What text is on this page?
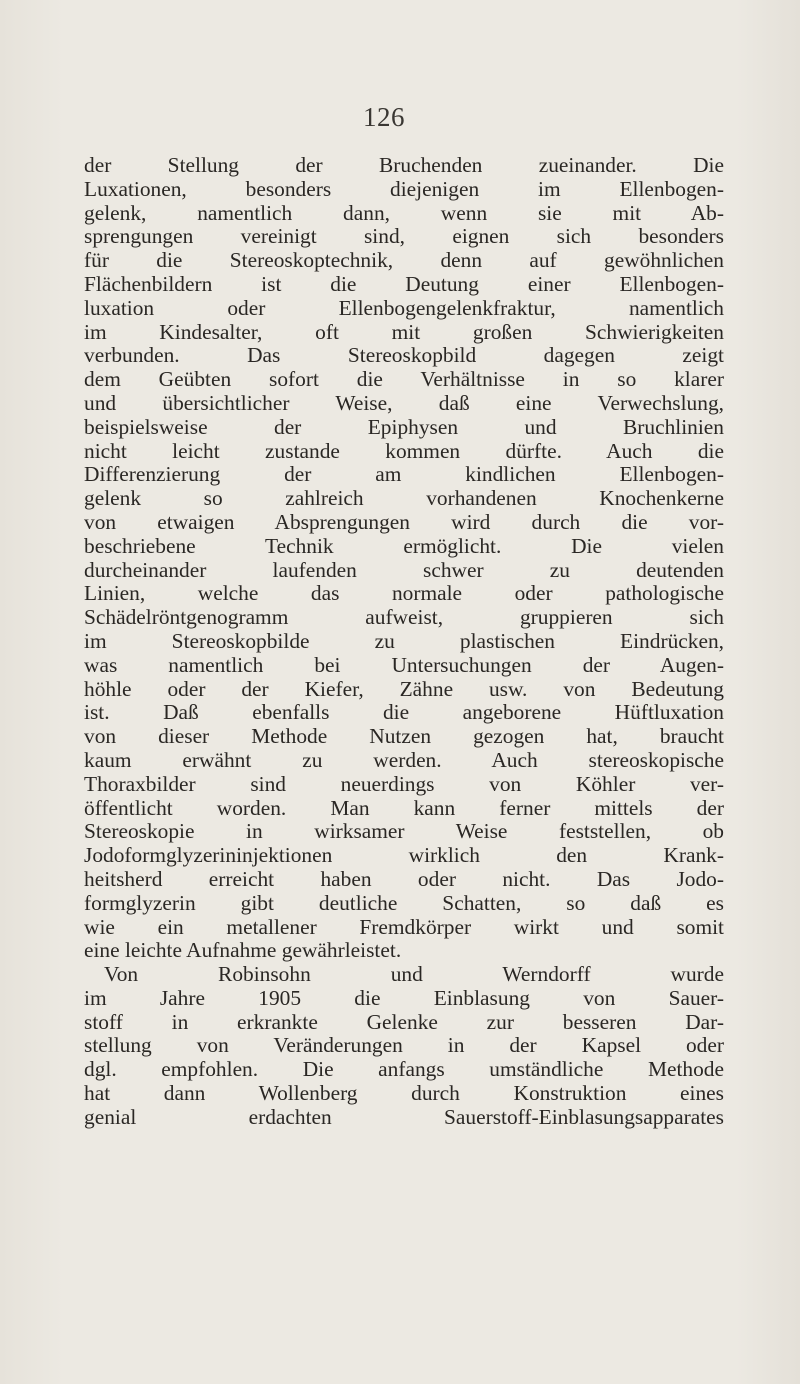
126
der Stellung der Bruchenden zueinander. Die
Luxationen, besonders diejenigen im Ellenbogen-
gelenk, namentlich dann, wenn sie mit Ab-
sprengungen vereinigt sind, eignen sich besonders
für die Stereoskoptechnik, denn auf gewöhnlichen
Flächenbildern ist die Deutung einer Ellenbogen-
luxation oder Ellenbogengelenkfraktur, namentlich
im Kindesalter, oft mit großen Schwierigkeiten
verbunden. Das Stereoskopbild dagegen zeigt
dem Geübten sofort die Verhältnisse in so klarer
und übersichtlicher Weise, daß eine Verwechslung,
beispielsweise der Epiphysen und Bruchlinien
nicht leicht zustande kommen dürfte. Auch die
Differenzierung der am kindlichen Ellenbogen-
gelenk so zahlreich vorhandenen Knochenkerne
von etwaigen Absprengungen wird durch die vor-
beschriebene Technik ermöglicht. Die vielen
durcheinander laufenden schwer zu deutenden
Linien, welche das normale oder pathologische
Schädelröntgenogramm aufweist, gruppieren sich
im Stereoskopbilde zu plastischen Eindrücken,
was namentlich bei Untersuchungen der Augen-
höhle oder der Kiefer, Zähne usw. von Bedeutung
ist. Daß ebenfalls die angeborene Hüftluxation
von dieser Methode Nutzen gezogen hat, braucht
kaum erwähnt zu werden. Auch stereoskopische
Thoraxbilder sind neuerdings von Köhler ver-
öffentlicht worden. Man kann ferner mittels der
Stereoskopie in wirksamer Weise feststellen, ob
Jodoformglyzerininjektionen wirklich den Krank-
heitsherd erreicht haben oder nicht. Das Jodo-
formglyzerin gibt deutliche Schatten, so daß es
wie ein metallener Fremdkörper wirkt und somit
eine leichte Aufnahme gewährleistet.
Von Robinsohn und Werndorff wurde
im Jahre 1905 die Einblasung von Sauer-
stoff in erkrankte Gelenke zur besseren Dar-
stellung von Veränderungen in der Kapsel oder
dgl. empfohlen. Die anfangs umständliche Methode
hat dann Wollenberg durch Konstruktion eines
genial erdachten Sauerstoff-Einblasungsapparates
